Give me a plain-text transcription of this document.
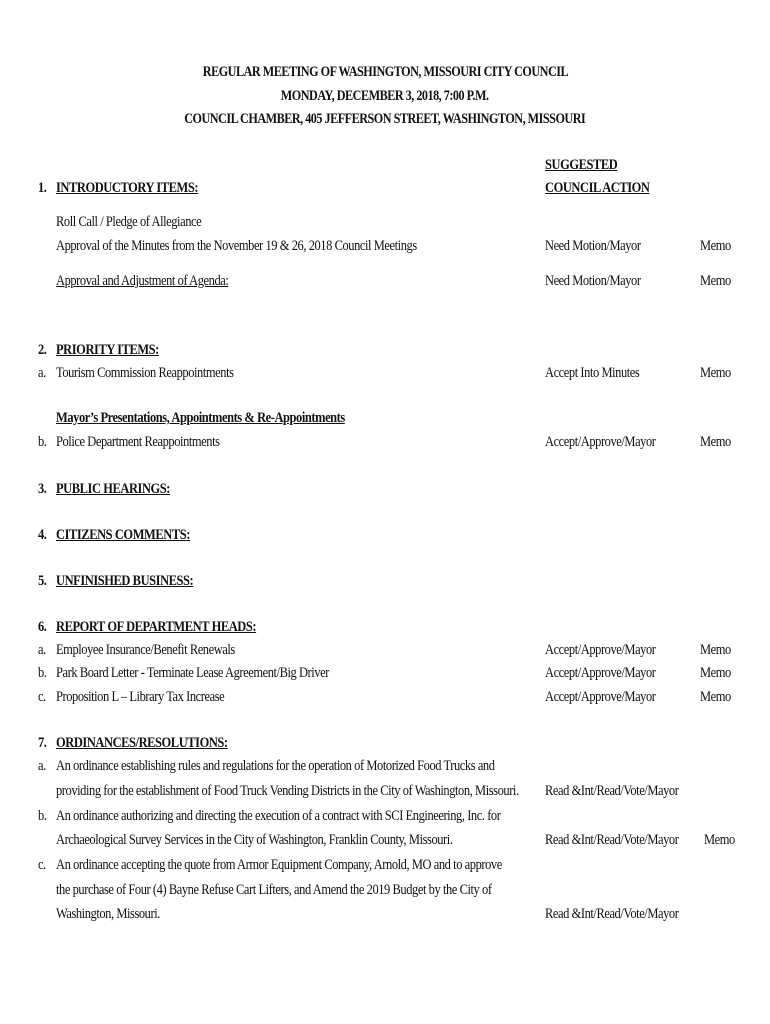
REGULAR MEETING OF WASHINGTON, MISSOURI CITY COUNCIL
MONDAY, DECEMBER 3, 2018, 7:00 P.M.
COUNCIL CHAMBER, 405 JEFFERSON STREET, WASHINGTON, MISSOURI
SUGGESTED
COUNCIL ACTION
1. INTRODUCTORY ITEMS:
Roll Call / Pledge of Allegiance
Approval of the Minutes from the November 19 & 26, 2018 Council Meetings	Need Motion/Mayor	Memo
Approval and Adjustment of Agenda:	Need Motion/Mayor	Memo
2. PRIORITY ITEMS:
a. Tourism Commission Reappointments	Accept Into Minutes	Memo
Mayor’s Presentations, Appointments & Re-Appointments
b. Police Department Reappointments	Accept/Approve/Mayor	Memo
3. PUBLIC HEARINGS:
4. CITIZENS COMMENTS:
5. UNFINISHED BUSINESS:
6. REPORT OF DEPARTMENT HEADS:
a. Employee Insurance/Benefit Renewals	Accept/Approve/Mayor	Memo
b. Park Board Letter - Terminate Lease Agreement/Big Driver	Accept/Approve/Mayor	Memo
c. Proposition L – Library Tax Increase	Accept/Approve/Mayor	Memo
7. ORDINANCES/RESOLUTIONS:
a. An ordinance establishing rules and regulations for the operation of Motorized Food Trucks and
providing for the establishment of Food Truck Vending Districts in the City of Washington, Missouri. Read &Int/Read/Vote/Mayor
b. An ordinance authorizing and directing the execution of a contract with SCI Engineering, Inc. for
Archaeological Survey Services in the City of Washington, Franklin County, Missouri.	Read &Int/Read/Vote/Mayor Memo
c. An ordinance accepting the quote from Armor Equipment Company, Arnold, MO and to approve
the purchase of Four (4) Bayne Refuse Cart Lifters, and Amend the 2019 Budget by the City of
Washington, Missouri.	Read &Int/Read/Vote/Mayor
